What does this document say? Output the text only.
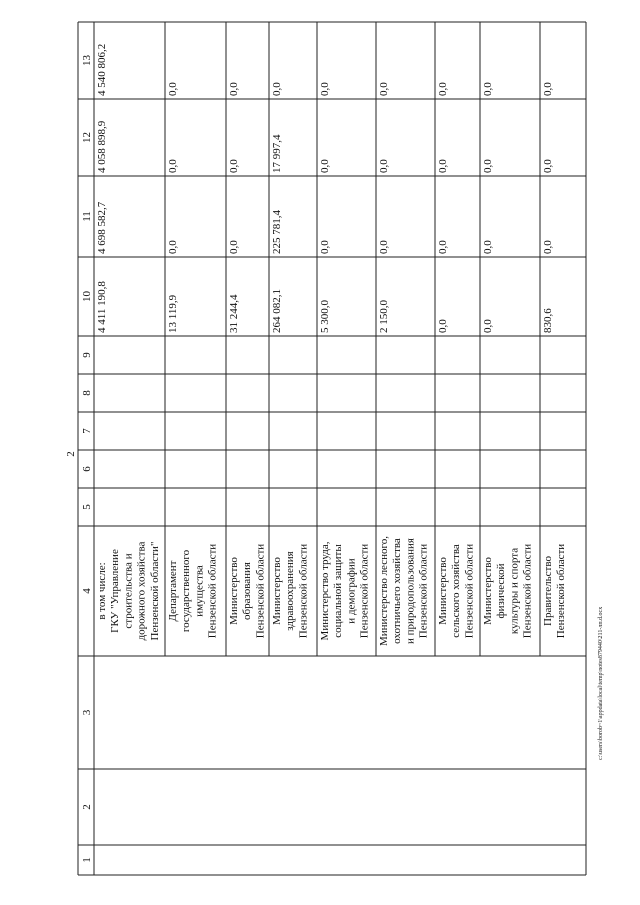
2
1
2
3
4
5
6
7
8
9
10
11
12
13
в том числе: ГКУ "Управление строительства и дорожного хозяйства Пензенской области"
4 411 190,8
4 698 582,7
4 058 898,9
4 540 806,2
Департамент государственного имущества Пензенской области
13 119,9
0,0
0,0
0,0
Министерство образования Пензенской области
31 244,4
0,0
0,0
0,0
Министерство здравоохранения Пензенской области
264 082,1
225 781,4
17 997,4
0,0
Министерство труда, социальной защиты и демографии Пензенской области
5 300,0
0,0
0,0
0,0
Министерство лесного, охотничьего хозяйства и природопользования Пензенской области
2 150,0
0,0
0,0
0,0
Министерство сельского хозяйства Пензенской области
0,0
0,0
0,0
0,0
Министерство физической культуры и спорта Пензенской области
0,0
0,0
0,0
0,0
Правительство Пензенской области
830,6
0,0
0,0
0,0
c:\users\borob~1\appdata\local\temp\notes879440\211-лп.d.ocx
